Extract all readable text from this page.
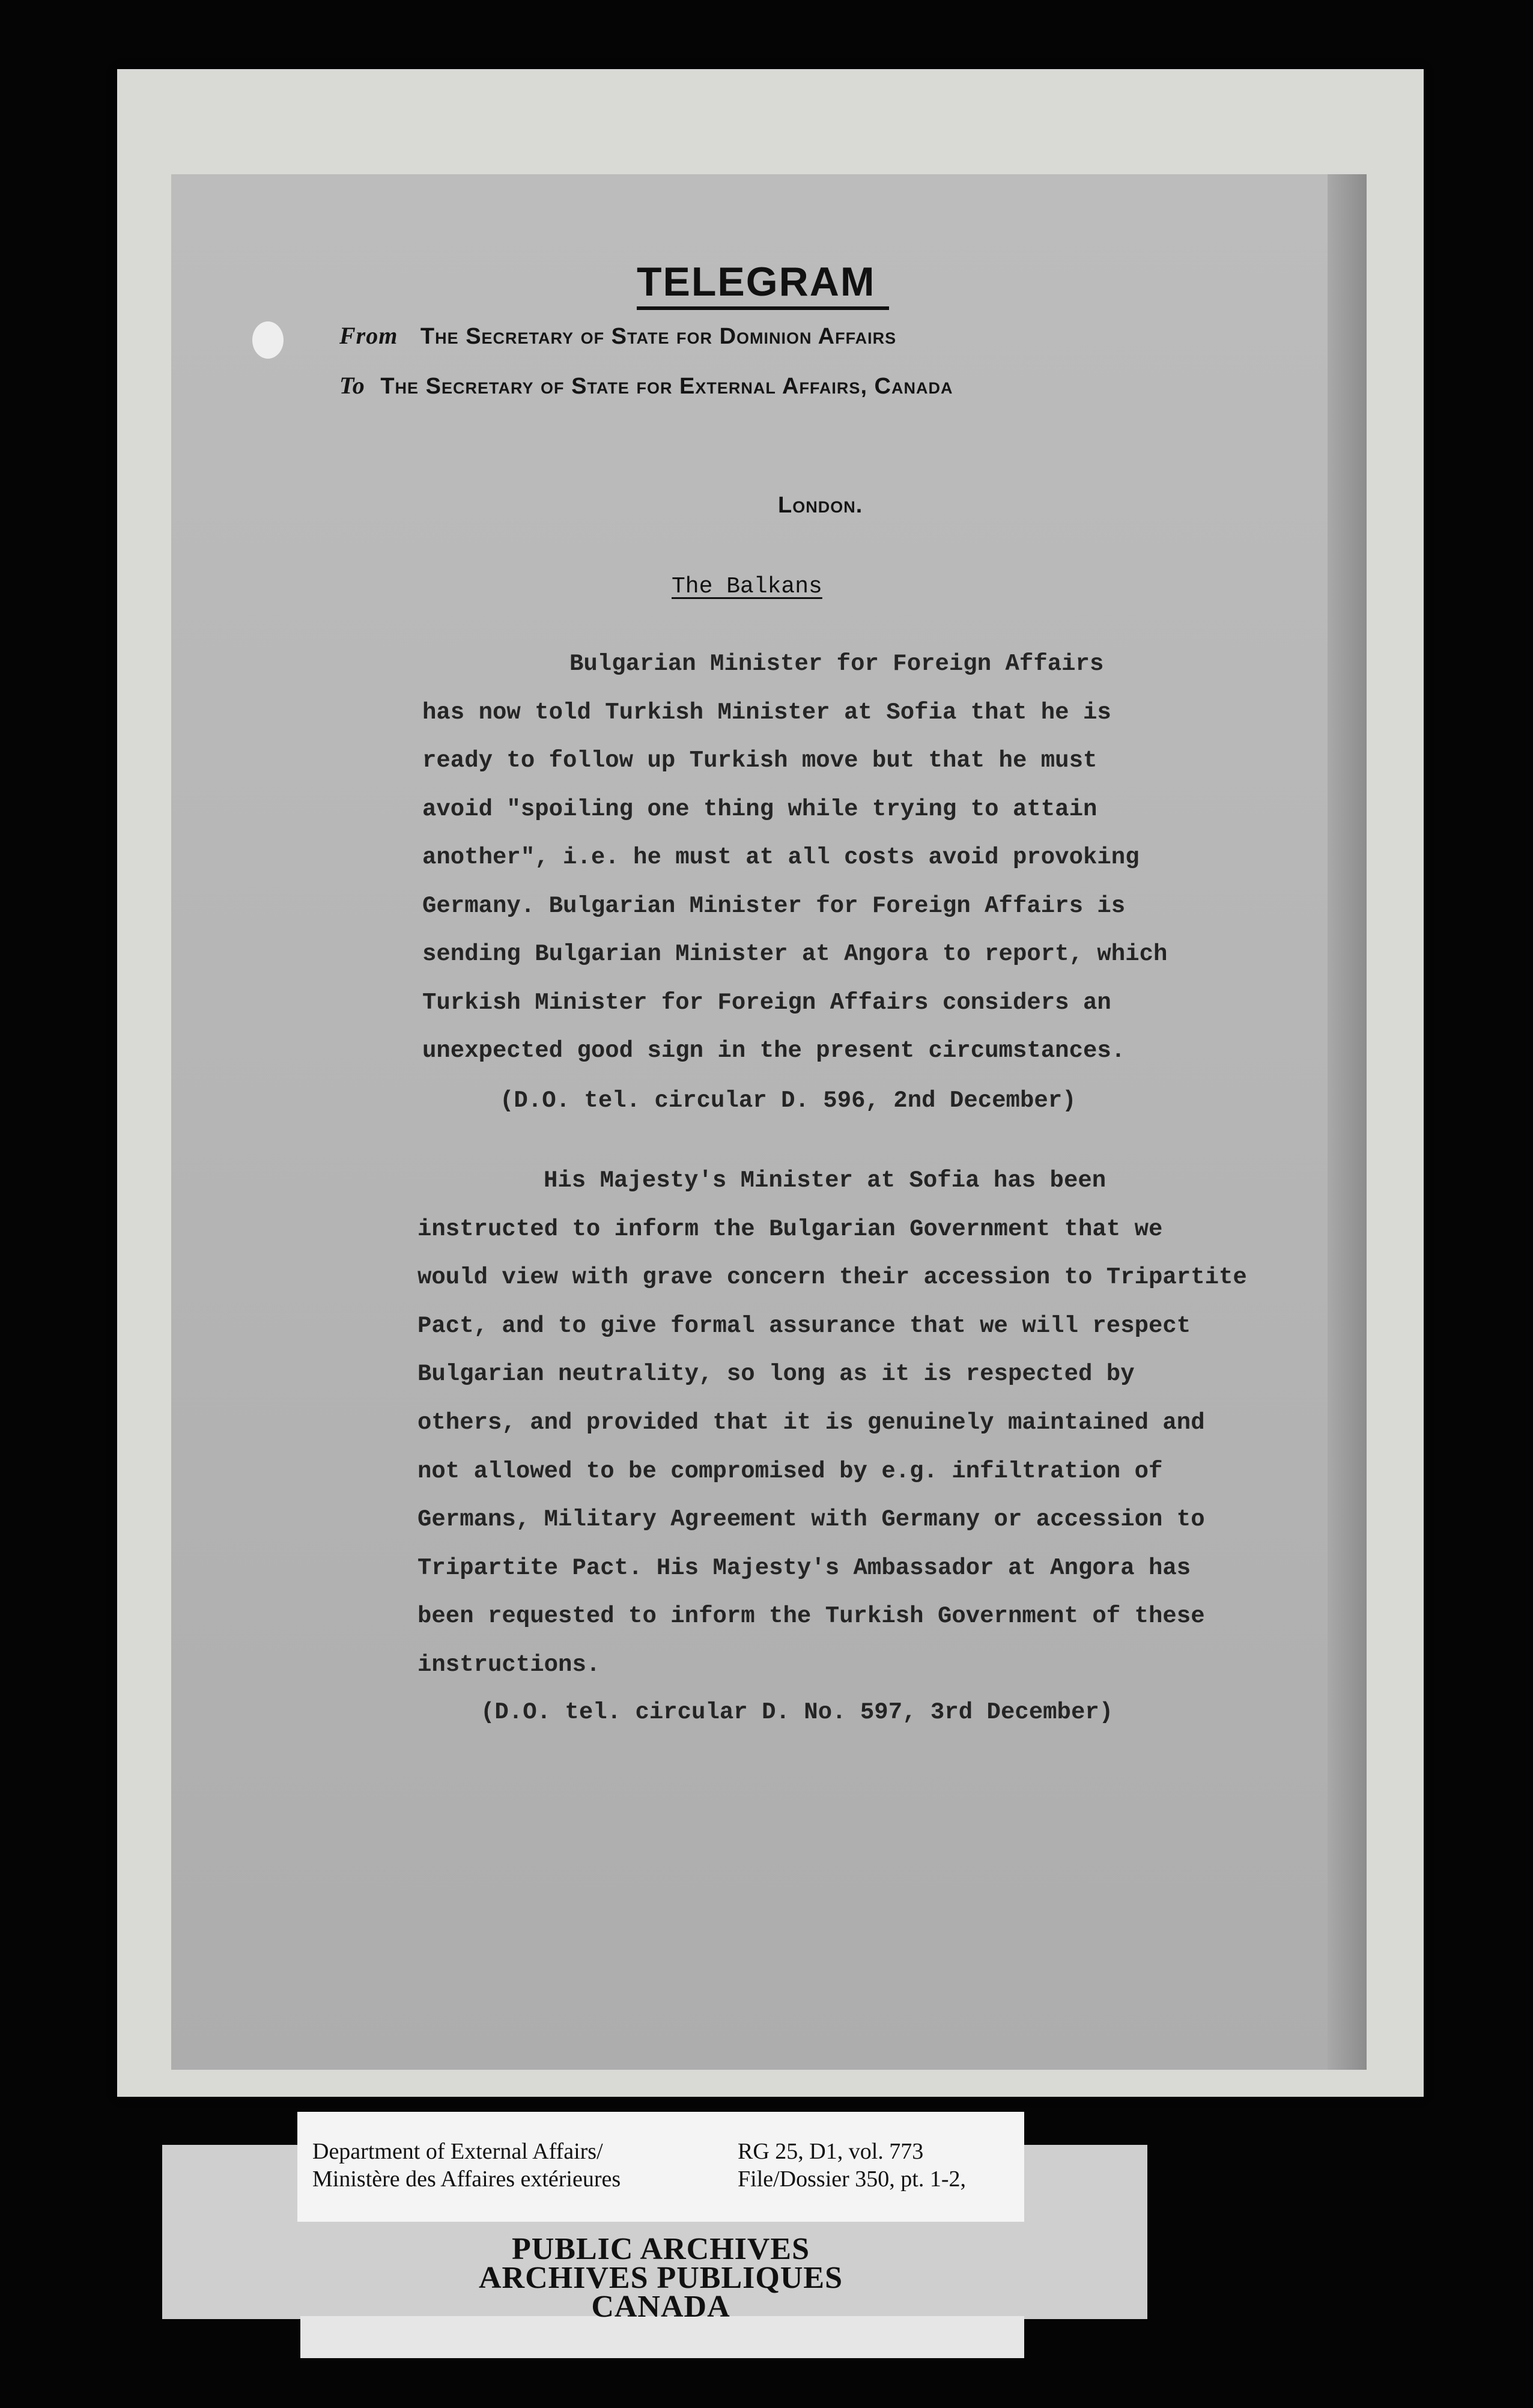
TELEGRAM
From The Secretary of State for Dominion Affairs
To The Secretary of State for External Affairs, Canada
London.
The Balkans
Bulgarian Minister for Foreign Affairs
has now told Turkish Minister at Sofia that he is
ready to follow up Turkish move but that he must
avoid "spoiling one thing while trying to attain
another", i.e. he must at all costs avoid provoking
Germany. Bulgarian Minister for Foreign Affairs is
sending Bulgarian Minister at Angora to report, which
Turkish Minister for Foreign Affairs considers an
unexpected good sign in the present circumstances.
(D.O. tel. circular D. 596, 2nd December)
His Majesty's Minister at Sofia has been
instructed to inform the Bulgarian Government that we
would view with grave concern their accession to Tripartite
Pact, and to give formal assurance that we will respect
Bulgarian neutrality, so long as it is respected by
others, and provided that it is genuinely maintained and
not allowed to be compromised by e.g. infiltration of
Germans, Military Agreement with Germany or accession to
Tripartite Pact. His Majesty's Ambassador at Angora has
been requested to inform the Turkish Government of these
instructions.
(D.O. tel. circular D. No. 597, 3rd December)
Department of External Affairs/
Ministère des Affaires extérieures
RG 25, D1, vol. 773
File/Dossier 350, pt. 1-2,
PUBLIC ARCHIVES
ARCHIVES PUBLIQUES
CANADA
